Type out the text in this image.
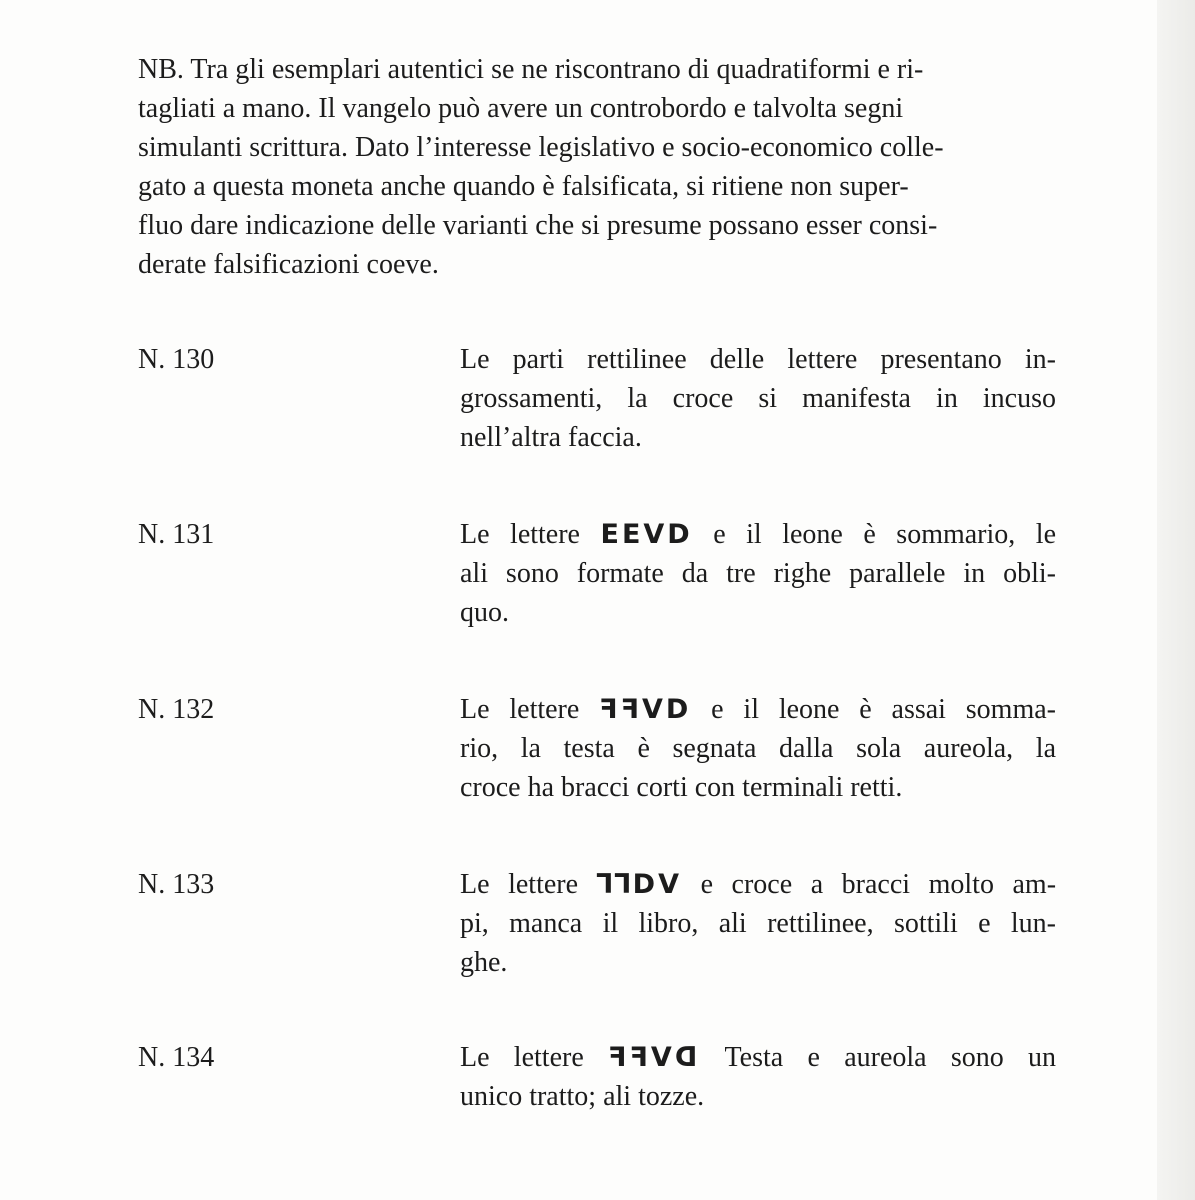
NB. Tra gli esemplari autentici se ne riscontrano di quadratiformi e ri-
tagliati a mano. Il vangelo può avere un controbordo e talvolta segni
simulanti scrittura. Dato l’interesse legislativo e socio-economico colle-
gato a questa moneta anche quando è falsificata, si ritiene non super-
fluo dare indicazione delle varianti che si presume possano esser consi-
derate falsificazioni coeve.

N. 130	Le parti rettilinee delle lettere presentano in-
grossamenti, la croce si manifesta in incuso
nell’altra faccia.
N. 131	Le lettere EEVD e il leone è sommario, le
ali sono formate da tre righe parallele in obli-
quo.
N. 132	Le lettere ꟻꟻVD e il leone è assai somma-
rio, la testa è segnata dalla sola aureola, la
croce ha bracci corti con terminali retti.
N. 133	Le lettere ꓶꓶDV e croce a bracci molto am-
pi, manca il libro, ali rettilinee, sottili e lun-
ghe.
N. 134	Le lettere ꟻꟻVꓷ Testa e aureola sono un
unico tratto; ali tozze.
